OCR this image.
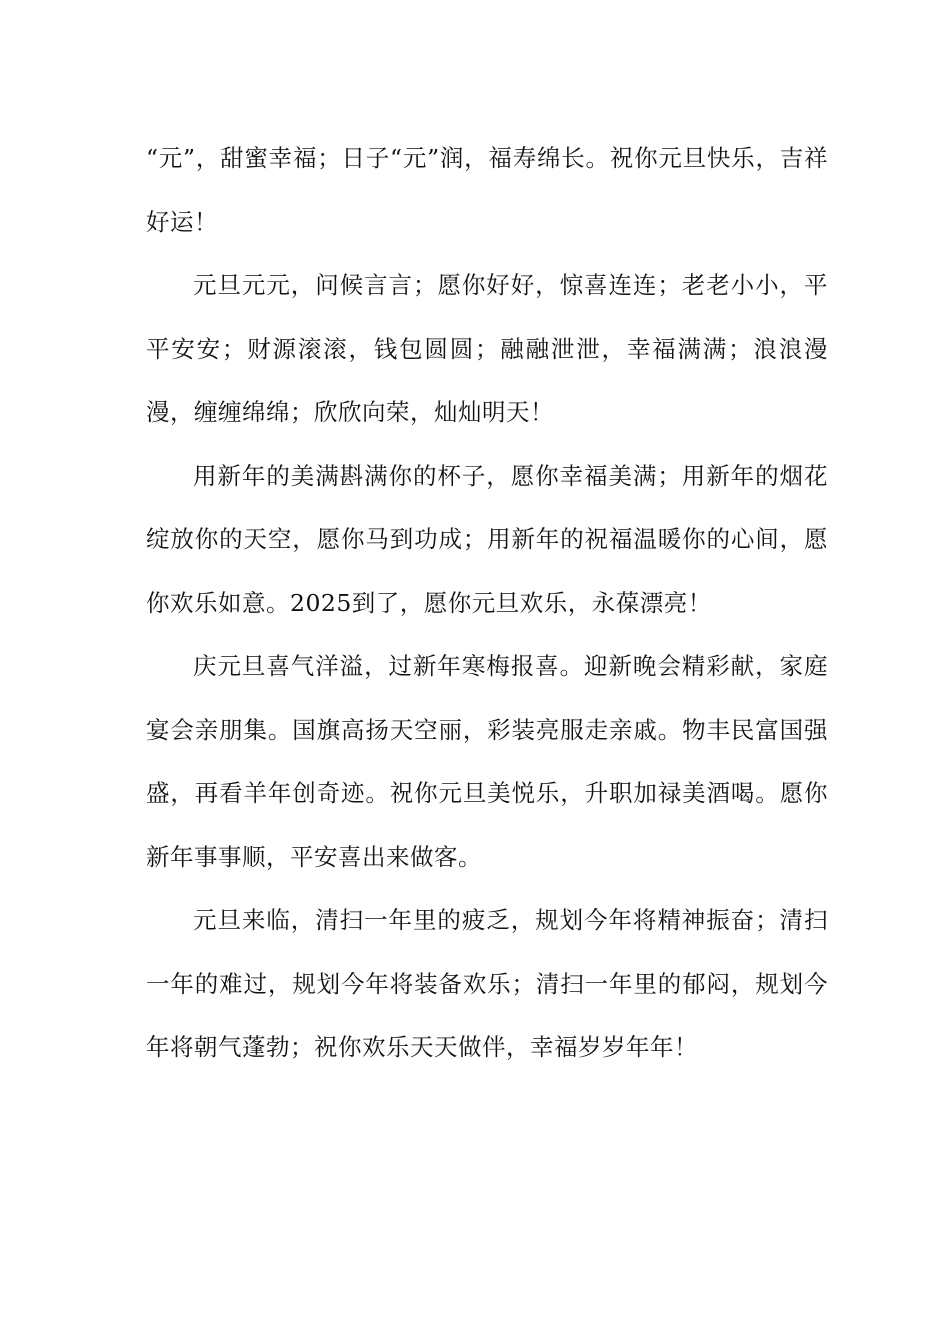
“元”，甜蜜幸福；日子“元”润，福寿绵长。祝你元旦快乐，吉祥好运！

元旦元元，问候言言；愿你好好，惊喜连连；老老小小，平平安安；财源滚滚，钱包圆圆；融融泄泄，幸福满满；浪浪漫漫，缠缠绵绵；欣欣向荣，灿灿明天！

用新年的美满斟满你的杯子，愿你幸福美满；用新年的烟花绽放你的天空，愿你马到功成；用新年的祝福温暖你的心间，愿你欢乐如意。2025到了，愿你元旦欢乐，永葆漂亮！

庆元旦喜气洋溢，过新年寒梅报喜。迎新晚会精彩献，家庭宴会亲朋集。国旗高扬天空丽，彩装亮服走亲戚。物丰民富国强盛，再看羊年创奇迹。祝你元旦美悦乐，升职加禄美酒喝。愿你新年事事顺，平安喜出来做客。

元旦来临，清扫一年里的疲乏，规划今年将精神振奋；清扫一年的难过，规划今年将装备欢乐；清扫一年里的郁闷，规划今年将朝气蓬勃；祝你欢乐天天做伴，幸福岁岁年年！
